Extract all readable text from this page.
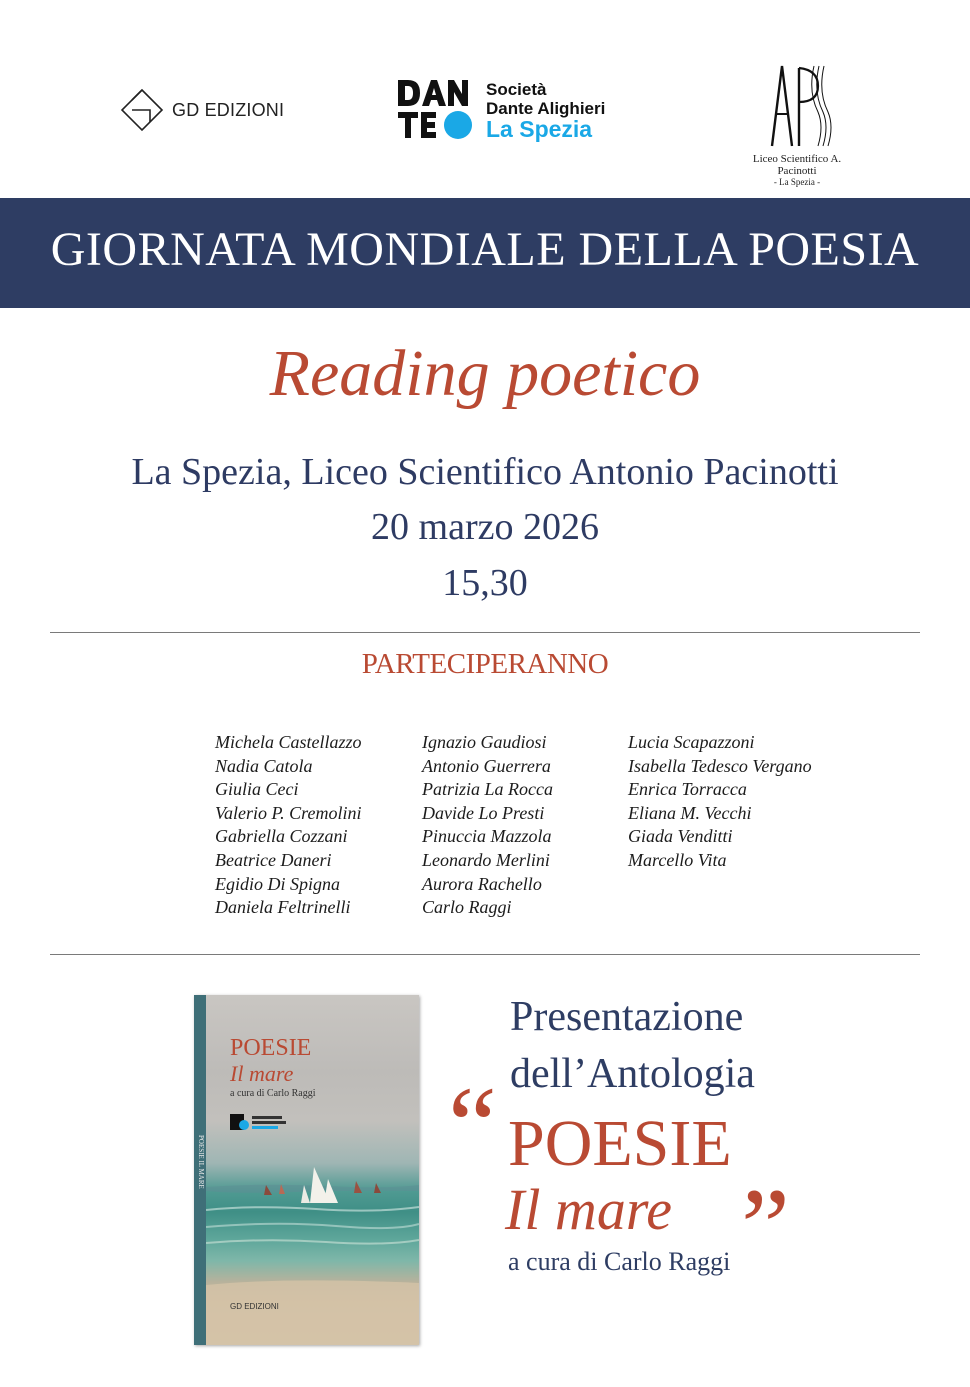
GD EDIZIONI
Società
Dante Alighieri
La Spezia
Liceo Scientifico A. Pacinotti
- La Spezia -
GIORNATA MONDIALE DELLA POESIA
Reading poetico
La Spezia, Liceo Scientifico Antonio Pacinotti
20 marzo 2026
15,30
PARTECIPERANNO
Michela Castellazzo
Nadia Catola
Giulia Ceci
Valerio P. Cremolini
Gabriella Cozzani
Beatrice Daneri
Egidio Di Spigna
Daniela Feltrinelli
Ignazio Gaudiosi
Antonio Guerrera
Patrizia La Rocca
Davide Lo Presti
Pinuccia Mazzola
Leonardo Merlini
Aurora Rachello
Carlo Raggi
Lucia Scapazzoni
Isabella Tedesco Vergano
Enrica Torracca
Eliana M. Vecchi
Giada Venditti
Marcello Vita
POESIE
Il mare
a cura di Carlo Raggi
POESIE IL MARE
GD EDIZIONI
Presentazione
dell’Antologia
“ POESIE
Il mare ”
a cura di Carlo Raggi
